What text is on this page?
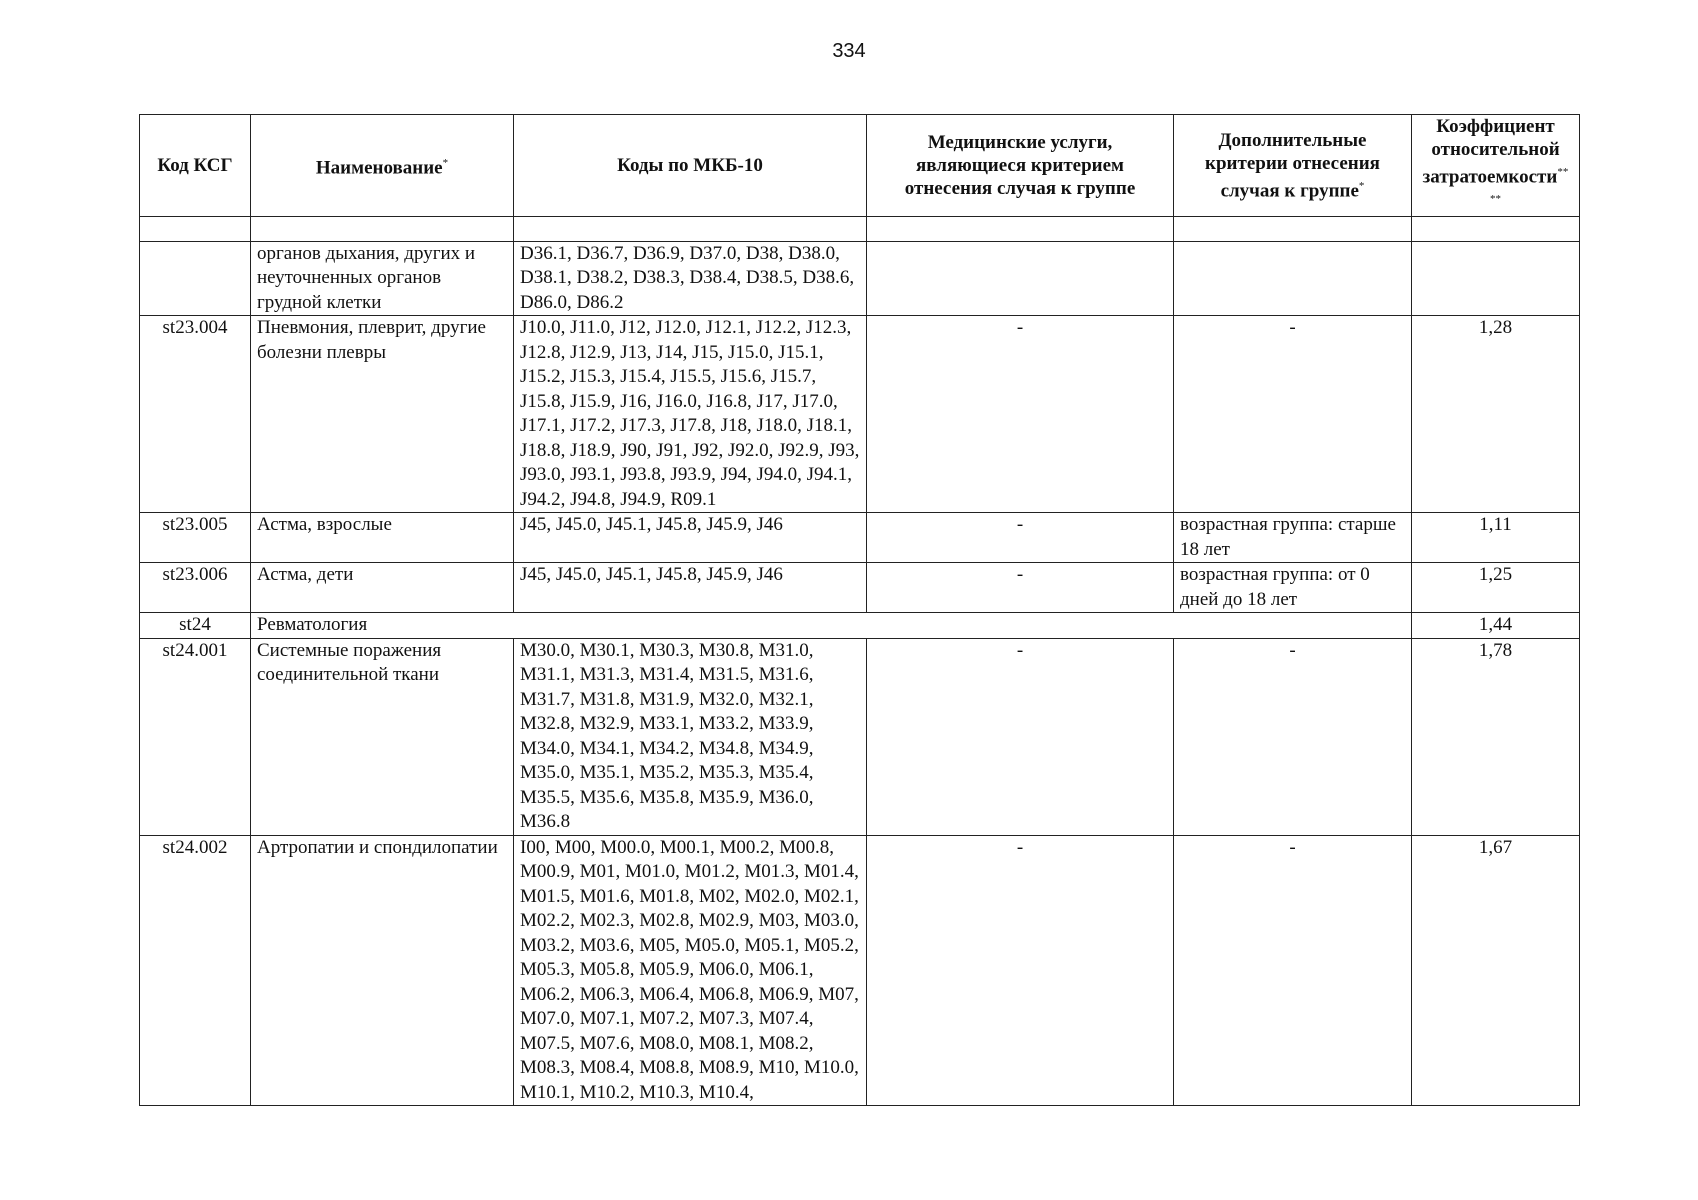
334
Код КСГ	Наименование*	Коды по МКБ-10	Медицинские услуги, являющиеся критерием отнесения случая к группе	Дополнительные критерии отнесения случая к группе*	Коэффициент относительной затратоемкости**
**

	органов дыхания, других и неуточненных органов грудной клетки	D36.1, D36.7, D36.9, D37.0, D38, D38.0, D38.1, D38.2, D38.3, D38.4, D38.5, D38.6, D86.0, D86.2			
st23.004	Пневмония, плеврит, другие болезни плевры	J10.0, J11.0, J12, J12.0, J12.1, J12.2, J12.3, J12.8, J12.9, J13, J14, J15, J15.0, J15.1, J15.2, J15.3, J15.4, J15.5, J15.6, J15.7, J15.8, J15.9, J16, J16.0, J16.8, J17, J17.0, J17.1, J17.2, J17.3, J17.8, J18, J18.0, J18.1, J18.8, J18.9, J90, J91, J92, J92.0, J92.9, J93, J93.0, J93.1, J93.8, J93.9, J94, J94.0, J94.1, J94.2, J94.8, J94.9, R09.1	-	-	1,28
st23.005	Астма, взрослые	J45, J45.0, J45.1, J45.8, J45.9, J46	-	возрастная группа: старше 18 лет	1,11
st23.006	Астма, дети	J45, J45.0, J45.1, J45.8, J45.9, J46	-	возрастная группа: от 0 дней до 18 лет	1,25
st24	Ревматология				1,44
st24.001	Системные поражения соединительной ткани	M30.0, M30.1, M30.3, M30.8, M31.0, M31.1, M31.3, M31.4, M31.5, M31.6, M31.7, M31.8, M31.9, M32.0, M32.1, M32.8, M32.9, M33.1, M33.2, M33.9, M34.0, M34.1, M34.2, M34.8, M34.9, M35.0, M35.1, M35.2, M35.3, M35.4, M35.5, M35.6, M35.8, M35.9, M36.0, M36.8	-	-	1,78
st24.002	Артропатии и спондилопатии	I00, M00, M00.0, M00.1, M00.2, M00.8, M00.9, M01, M01.0, M01.2, M01.3, M01.4, M01.5, M01.6, M01.8, M02, M02.0, M02.1, M02.2, M02.3, M02.8, M02.9, M03, M03.0, M03.2, M03.6, M05, M05.0, M05.1, M05.2, M05.3, M05.8, M05.9, M06.0, M06.1, M06.2, M06.3, M06.4, M06.8, M06.9, M07, M07.0, M07.1, M07.2, M07.3, M07.4, M07.5, M07.6, M08.0, M08.1, M08.2, M08.3, M08.4, M08.8, M08.9, M10, M10.0, M10.1, M10.2, M10.3, M10.4,	-	-	1,67
